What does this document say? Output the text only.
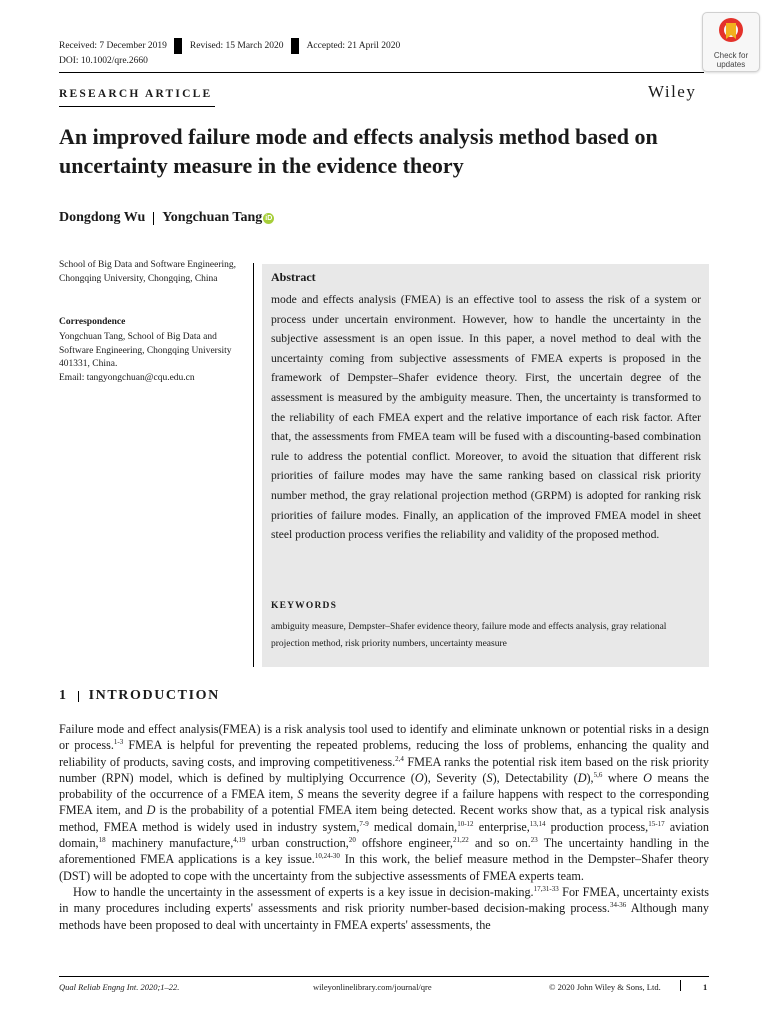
Received: 7 December 2019	Revised: 15 March 2020	Accepted: 21 April 2020
DOI: 10.1002/qre.2660
Check for
updates
RESEARCH ARTICLE	Wiley
An improved failure mode and effects analysis method based on uncertainty measure in the evidence theory
Dongdong Wu Yongchuan Tang iD
School of Big Data and Software Engineering, Chongqing University, Chongqing, China
Correspondence
Yongchuan Tang, School of Big Data and Software Engineering, Chongqing University 401331, China.
Email: tangyongchuan@cqu.edu.cn
Abstract
mode and effects analysis (FMEA) is an effective tool to assess the risk of a system or process under uncertain environment. However, how to handle the uncertainty in the subjective assessment is an open issue. In this paper, a novel method to deal with the uncertainty coming from subjective assessments of FMEA experts is proposed in the framework of Dempster–Shafer evidence theory. First, the uncertain degree of the assessment is measured by the ambiguity measure. Then, the uncertainty is transformed to the reliability of each FMEA expert and the relative importance of each risk factor. After that, the assessments from FMEA team will be fused with a discounting-based combination rule to address the potential conflict. Moreover, to avoid the situation that different risk priorities of failure modes may have the same ranking based on classical risk priority number method, the gray relational projection method (GRPM) is adopted for ranking risk priorities of failure modes. Finally, an application of the improved FMEA model in sheet steel production process verifies the reliability and validity of the proposed method.
KEYWORDS
ambiguity measure, Dempster–Shafer evidence theory, failure mode and effects analysis, gray relational projection method, risk priority numbers, uncertainty measure
1 INTRODUCTION

Failure mode and effect analysis(FMEA) is a risk analysis tool used to identify and eliminate unknown or potential risks in a design or process.$^{1-3}$ FMEA is helpful for preventing the repeated problems, reducing the loss of problems, enhancing the quality and reliability of products, saving costs, and improving competitiveness.$^{2,4}$ FMEA ranks the potential risk item based on the risk priority number (RPN) model, which is defined by multiplying Occurrence (O), Severity (S), Detectability (D),$^{5,6}$ where O means the probability of the occurrence of a FMEA item, S means the severity degree if a failure happens with respect to the corresponding FMEA item, and D is the probability of a potential FMEA item being detected. Recent works show that, as a typical risk analysis method, FMEA method is widely used in industry system,$^{7-9}$ medical domain,$^{10-12}$ enterprise,$^{13,14}$ production process,$^{15-17}$ aviation domain,$^{18}$ machinery manufacture,$^{4,19}$ urban construction,$^{20}$ offshore engineer,$^{21,22}$ and so on.$^{23}$ The uncertainty handling in the aforementioned FMEA applications is a key issue.$^{10,24-30}$ In this work, the belief measure method in the Dempster–Shafer theory (DST) will be adopted to cope with the uncertainty from the subjective assessments of FMEA experts team.

How to handle the uncertainty in the assessment of experts is a key issue in decision-making.$^{17,31-33}$ For FMEA, uncertainty exists in many procedures including experts' assessments and risk priority number-based decision-making process.$^{34-36}$ Although many methods have been proposed to deal with uncertainty in FMEA experts' assessments, the

Qual Reliab Engng Int. 2020;1–22.	wileyonlinelibrary.com/journal/qre	© 2020 John Wiley & Sons, Ltd.	1
